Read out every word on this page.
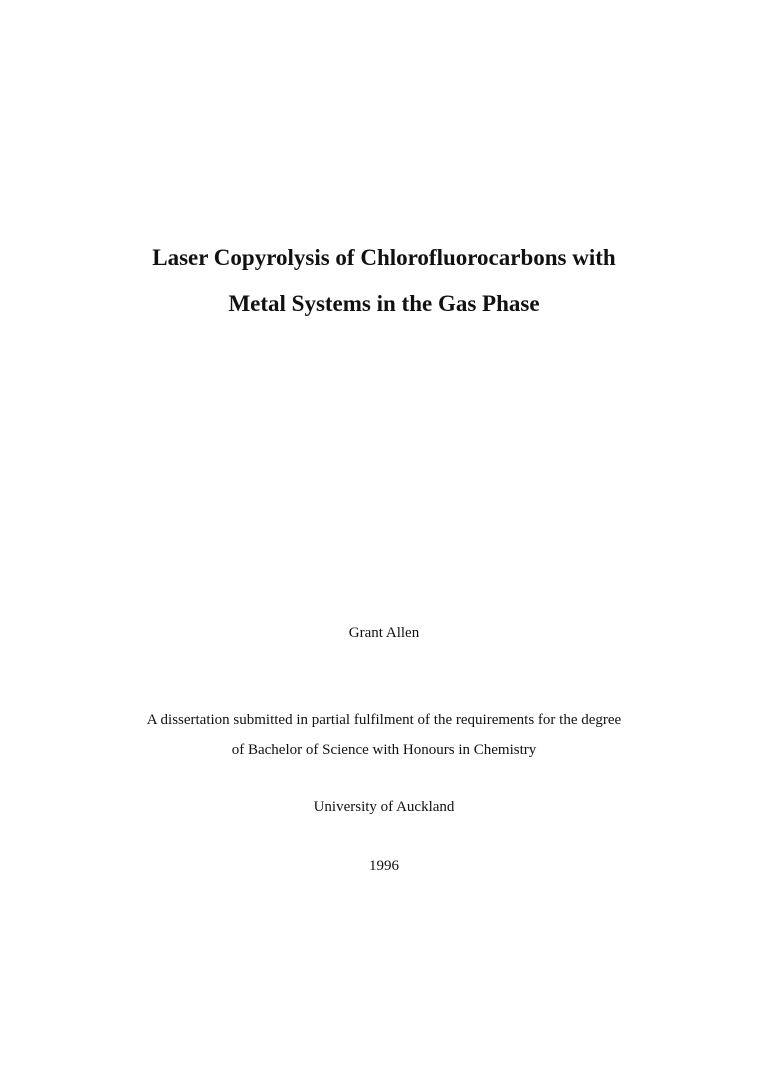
Laser Copyrolysis of Chlorofluorocarbons with
Metal Systems in the Gas Phase
Grant Allen
A dissertation submitted in partial fulfilment of the requirements for the degree
of Bachelor of Science with Honours in Chemistry
University of Auckland
1996
